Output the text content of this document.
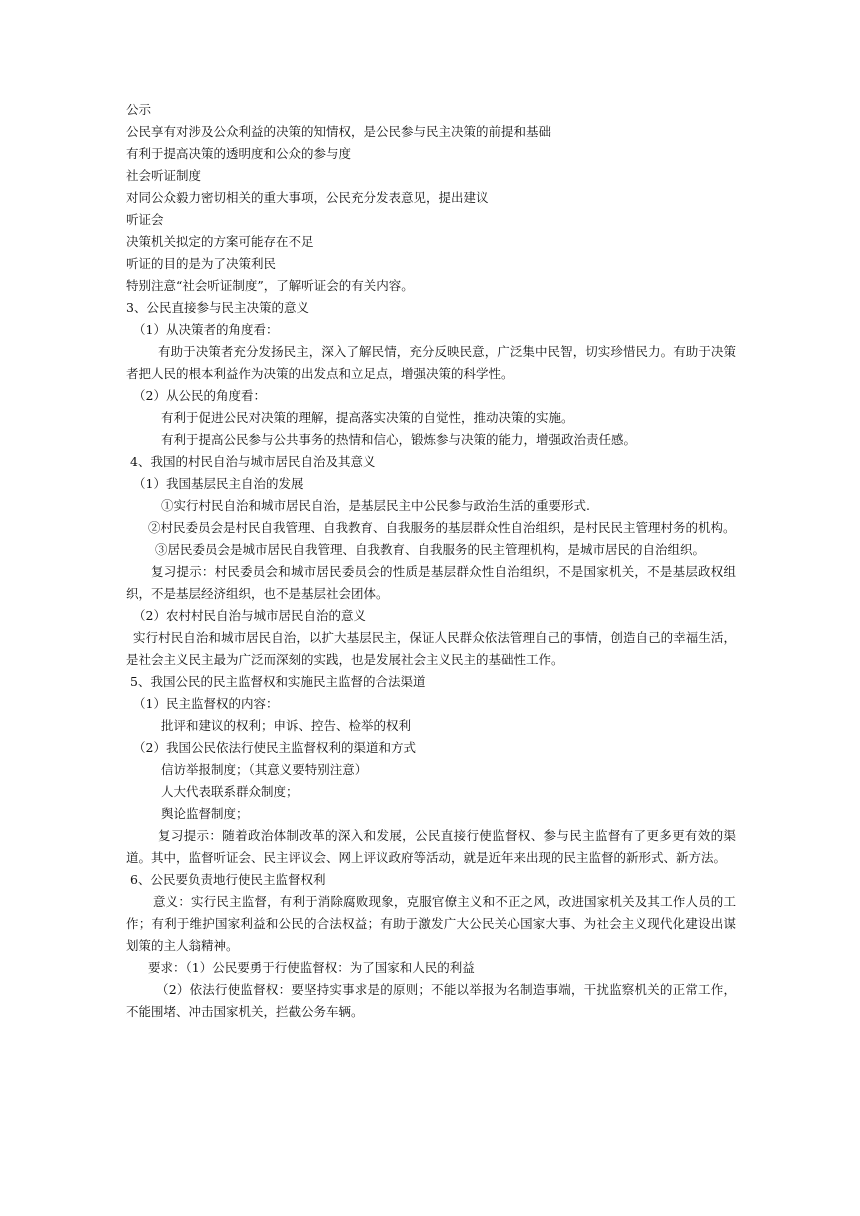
公示
公民享有对涉及公众利益的决策的知情权，是公民参与民主决策的前提和基础
有利于提高决策的透明度和公众的参与度
社会听证制度
对同公众毅力密切相关的重大事项，公民充分发表意见，提出建议
听证会
决策机关拟定的方案可能存在不足
听证的目的是为了决策利民
特别注意“社会听证制度”，了解听证会的有关内容。
3、公民直接参与民主决策的意义
（1）从决策者的角度看：
有助于决策者充分发扬民主，深入了解民情，充分反映民意，广泛集中民智，切实珍惜民力。有助于决策者把人民的根本利益作为决策的出发点和立足点，增强决策的科学性。
（2）从公民的角度看：
有利于促进公民对决策的理解，提高落实决策的自觉性，推动决策的实施。
有利于提高公民参与公共事务的热情和信心，锻炼参与决策的能力，增强政治责任感。
4、我国的村民自治与城市居民自治及其意义
（1）我国基层民主自治的发展
①实行村民自治和城市居民自治，是基层民主中公民参与政治生活的重要形式.
②村民委员会是村民自我管理、自我教育、自我服务的基层群众性自治组织，是村民民主管理村务的机构。
③居民委员会是城市居民自我管理、自我教育、自我服务的民主管理机构，是城市居民的自治组织。
复习提示：村民委员会和城市居民委员会的性质是基层群众性自治组织，不是国家机关，不是基层政权组织，不是基层经济组织，也不是基层社会团体。
（2）农村村民自治与城市居民自治的意义
实行村民自治和城市居民自治，以扩大基层民主，保证人民群众依法管理自己的事情，创造自己的幸福生活，是社会主义民主最为广泛而深刻的实践，也是发展社会主义民主的基础性工作。
5、我国公民的民主监督权和实施民主监督的合法渠道
（1）民主监督权的内容：
批评和建议的权利；申诉、控告、检举的权利
（2）我国公民依法行使民主监督权利的渠道和方式
信访举报制度；（其意义要特别注意）
人大代表联系群众制度；
舆论监督制度；
复习提示：随着政治体制改革的深入和发展，公民直接行使监督权、参与民主监督有了更多更有效的渠道。其中，监督听证会、民主评议会、网上评议政府等活动，就是近年来出现的民主监督的新形式、新方法。
6、公民要负责地行使民主监督权利
意义：实行民主监督，有利于消除腐败现象，克服官僚主义和不正之风，改进国家机关及其工作人员的工作；有利于维护国家利益和公民的合法权益；有助于激发广大公民关心国家大事、为社会主义现代化建设出谋划策的主人翁精神。
要求：（1）公民要勇于行使监督权：为了国家和人民的利益
（2）依法行使监督权：要坚持实事求是的原则；不能以举报为名制造事端，干扰监察机关的正常工作，不能围堵、冲击国家机关，拦截公务车辆。
